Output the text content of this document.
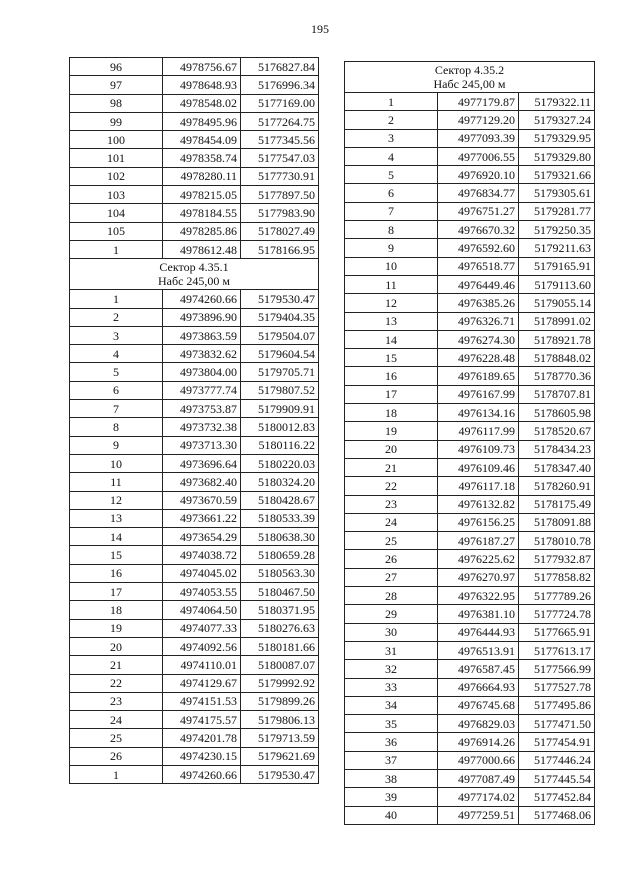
195
96	4978756.67	5176827.84
97	4978648.93	5176996.34
98	4978548.02	5177169.00
99	4978495.96	5177264.75
100	4978454.09	5177345.56
101	4978358.74	5177547.03
102	4978280.11	5177730.91
103	4978215.05	5177897.50
104	4978184.55	5177983.90
105	4978285.86	5178027.49
1	4978612.48	5178166.95

Сектор 4.35.1
Набс 245,00 м		

1	4974260.66	5179530.47
2	4973896.90	5179404.35
3	4973863.59	5179504.07
4	4973832.62	5179604.54
5	4973804.00	5179705.71
6	4973777.74	5179807.52
7	4973753.87	5179909.91
8	4973732.38	5180012.83
9	4973713.30	5180116.22
10	4973696.64	5180220.03
11	4973682.40	5180324.20
12	4973670.59	5180428.67
13	4973661.22	5180533.39
14	4973654.29	5180638.30
15	4974038.72	5180659.28
16	4974045.02	5180563.30
17	4974053.55	5180467.50
18	4974064.50	5180371.95
19	4974077.33	5180276.63
20	4974092.56	5180181.66
21	4974110.01	5180087.07
22	4974129.67	5179992.92
23	4974151.53	5179899.26
24	4974175.57	5179806.13
25	4974201.78	5179713.59
26	4974230.15	5179621.69
1	4974260.66	5179530.47
Сектор 4.35.2
Набс 245,00 м		

1	4977179.87	5179322.11
2	4977129.20	5179327.24
3	4977093.39	5179329.95
4	4977006.55	5179329.80
5	4976920.10	5179321.66
6	4976834.77	5179305.61
7	4976751.27	5179281.77
8	4976670.32	5179250.35
9	4976592.60	5179211.63
10	4976518.77	5179165.91
11	4976449.46	5179113.60
12	4976385.26	5179055.14
13	4976326.71	5178991.02
14	4976274.30	5178921.78
15	4976228.48	5178848.02
16	4976189.65	5178770.36
17	4976167.99	5178707.81
18	4976134.16	5178605.98
19	4976117.99	5178520.67
20	4976109.73	5178434.23
21	4976109.46	5178347.40
22	4976117.18	5178260.91
23	4976132.82	5178175.49
24	4976156.25	5178091.88
25	4976187.27	5178010.78
26	4976225.62	5177932.87
27	4976270.97	5177858.82
28	4976322.95	5177789.26
29	4976381.10	5177724.78
30	4976444.93	5177665.91
31	4976513.91	5177613.17
32	4976587.45	5177566.99
33	4976664.93	5177527.78
34	4976745.68	5177495.86
35	4976829.03	5177471.50
36	4976914.26	5177454.91
37	4977000.66	5177446.24
38	4977087.49	5177445.54
39	4977174.02	5177452.84
40	4977259.51	5177468.06
